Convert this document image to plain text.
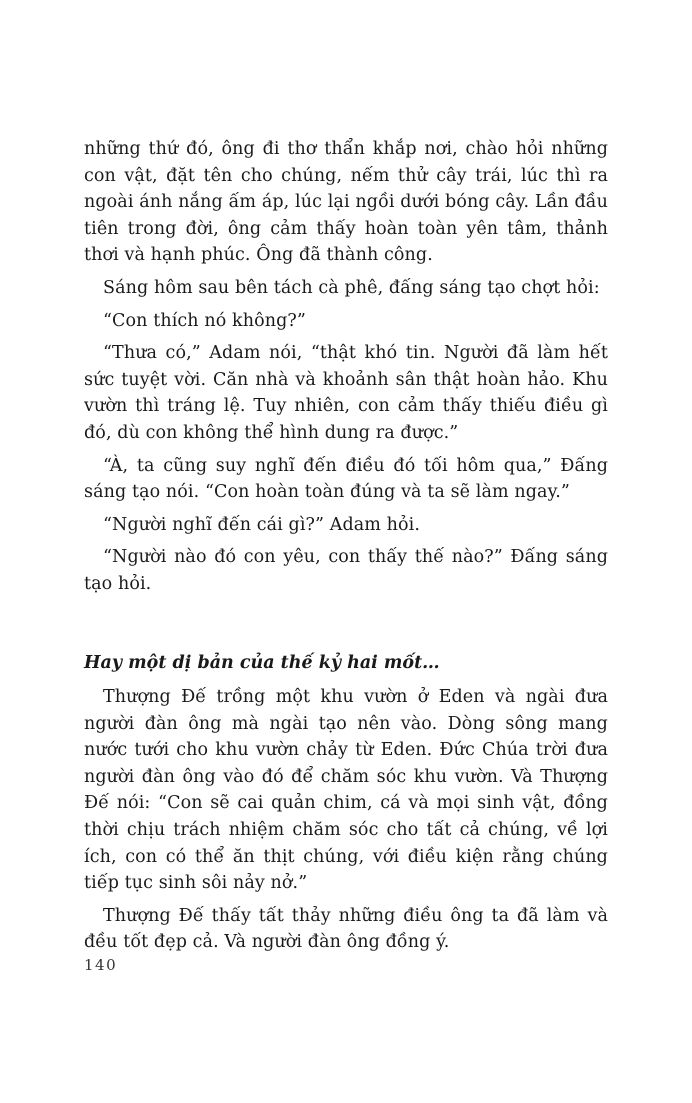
những thứ đó, ông đi thơ thẩn khắp nơi, chào hỏi những con vật, đặt tên cho chúng, nếm thử cây trái, lúc thì ra ngoài ánh nắng ấm áp, lúc lại ngồi dưới bóng cây. Lần đầu tiên trong đời, ông cảm thấy hoàn toàn yên tâm, thảnh thơi và hạnh phúc. Ông đã thành công.

Sáng hôm sau bên tách cà phê, đấng sáng tạo chợt hỏi:

“Con thích nó không?”

“Thưa có,” Adam nói, “thật khó tin. Người đã làm hết sức tuyệt vời. Căn nhà và khoảnh sân thật hoàn hảo. Khu vườn thì tráng lệ. Tuy nhiên, con cảm thấy thiếu điều gì đó, dù con không thể hình dung ra được.”

“À, ta cũng suy nghĩ đến điều đó tối hôm qua,” Đấng sáng tạo nói. “Con hoàn toàn đúng và ta sẽ làm ngay.”

“Người nghĩ đến cái gì?” Adam hỏi.

“Người nào đó con yêu, con thấy thế nào?” Đấng sáng tạo hỏi.

Hay một dị bản của thế kỷ hai mốt…

Thượng Đế trồng một khu vườn ở Eden và ngài đưa người đàn ông mà ngài tạo nên vào. Dòng sông mang nước tưới cho khu vườn chảy từ Eden. Đức Chúa trời đưa người đàn ông vào đó để chăm sóc khu vườn. Và Thượng Đế nói: “Con sẽ cai quản chim, cá và mọi sinh vật, đồng thời chịu trách nhiệm chăm sóc cho tất cả chúng, về lợi ích, con có thể ăn thịt chúng, với điều kiện rằng chúng tiếp tục sinh sôi nảy nở.”

Thượng Đế thấy tất thảy những điều ông ta đã làm và đều tốt đẹp cả. Và người đàn ông đồng ý.

140
